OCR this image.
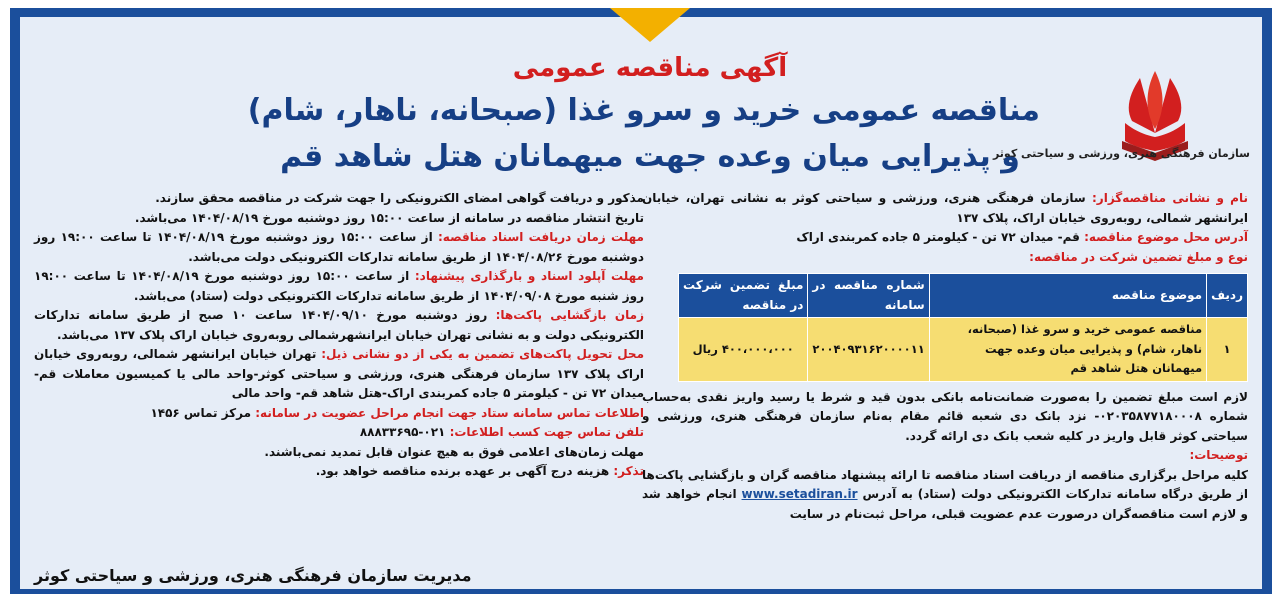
سازمان فرهنگی هنری، ورزشی و سیاحتی کوثر
آگهی مناقصه عمومی
مناقصه عمومی خرید و سرو غذا (صبحانه، ناهار، شام)
و پذیرایی میان وعده جهت میهمانان هتل شاهد قم

نام و نشانی مناقصه‌گزار: سازمان فرهنگی هنری، ورزشی و سیاحتی کوثر به نشانی تهران، خیابان ایرانشهر شمالی، روبه‌روی خیابان اراک، پلاک ۱۳۷

آدرس محل موضوع مناقصه: قم- میدان ۷۲ تن - کیلومتر ۵ جاده کمربندی اراک

نوع و مبلغ تضمین شرکت در مناقصه:

ردیف	موضوع مناقصه	شماره مناقصه در سامانه	مبلغ تضمین شرکت در مناقصه
۱	مناقصه عمومی خرید و سرو غذا (صبحانه، ناهار، شام) و پذیرایی میان وعده جهت میهمانان هتل شاهد قم	۲۰۰۴۰۹۳۱۶۲۰۰۰۰۱۱	۴۰۰،۰۰۰،۰۰۰ ریال

لازم است مبلغ تضمین را به‌صورت ضمانت‌نامه بانکی بدون قید و شرط یا رسید واریز نقدی به‌حساب شماره ۰۲۰۳۵۸۷۷۱۸۰۰۰۸- نزد بانک دی شعبه قائم مقام به‌نام سازمان فرهنگی هنری، ورزشی و سیاحتی کوثر قابل واریز در کلیه شعب بانک دی ارائه گردد.

توضیحات:

کلیه مراحل برگزاری مناقصه از دریافت اسناد مناقصه تا ارائه پیشنهاد مناقصه گران و بازگشایی پاکت‌ها از طریق درگاه سامانه تدارکات الکترونیکی دولت (ستاد) به آدرس www.setadiran.ir انجام خواهد شد و لازم است مناقصه‌گران درصورت عدم عضویت قبلی، مراحل ثبت‌نام در سایت

مذکور و دریافت گواهی امضای الکترونیکی را جهت شرکت در مناقصه محقق سازند.

تاریخ انتشار مناقصه در سامانه از ساعت ۱۵:۰۰ روز دوشنبه مورخ ۱۴۰۴/۰۸/۱۹ می‌باشد.

مهلت زمان دریافت اسناد مناقصه: از ساعت ۱۵:۰۰ روز دوشنبه مورخ ۱۴۰۴/۰۸/۱۹ تا ساعت ۱۹:۰۰ روز دوشنبه مورخ ۱۴۰۴/۰۸/۲۶ از طریق سامانه تدارکات الکترونیکی دولت می‌باشد.

مهلت آپلود اسناد و بارگذاری پیشنهاد: از ساعت ۱۵:۰۰ روز دوشنبه مورخ ۱۴۰۴/۰۸/۱۹ تا ساعت ۱۹:۰۰ روز شنبه مورخ ۱۴۰۴/۰۹/۰۸ از طریق سامانه تدارکات الکترونیکی دولت (ستاد) می‌باشد.

زمان بازگشایی پاکت‌ها: روز دوشنبه مورخ ۱۴۰۴/۰۹/۱۰ ساعت ۱۰ صبح از طریق سامانه تدارکات الکترونیکی دولت و به نشانی تهران خیابان ایرانشهرشمالی روبه‌روی خیابان اراک پلاک ۱۳۷ می‌باشد.

محل تحویل پاکت‌های تضمین به یکی از دو نشانی ذیل: تهران خیابان ایرانشهر شمالی، روبه‌روی خیابان اراک پلاک ۱۳۷ سازمان فرهنگی هنری، ورزشی و سیاحتی کوثر-واحد مالی یا کمیسیون معاملات قم- میدان ۷۲ تن - کیلومتر ۵ جاده کمربندی اراک-هتل شاهد قم- واحد مالی

اطلاعات تماس سامانه ستاد جهت انجام مراحل عضویت در سامانه: مرکز تماس ۱۴۵۶

تلفن تماس جهت کسب اطلاعات: ۰۲۱-۸۸۸۳۳۶۹۵

مهلت زمان‌های اعلامی فوق به هیچ عنوان قابل تمدید نمی‌باشند.

تذکر: هزینه درج آگهی بر عهده برنده مناقصه خواهد بود.

مدیریت سازمان فرهنگی هنری، ورزشی و سیاحتی کوثر
